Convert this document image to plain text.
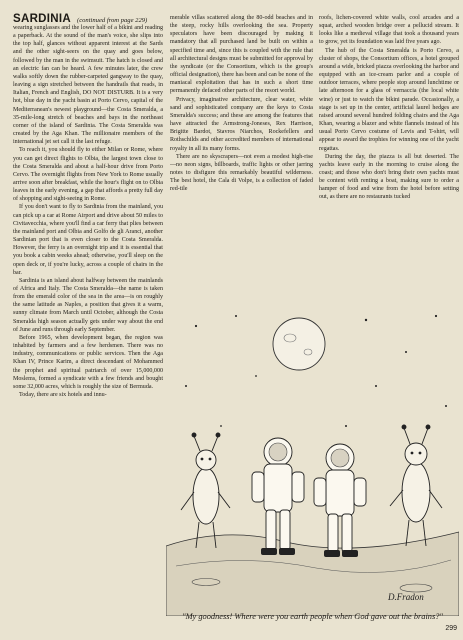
SARDINIA (continued from page 229)

wearing sunglasses and the lower half of a bikini and reading a paperback. At the sound of the man's voice, she slips into the top half, glances without apparent interest at the Sards and the other sight-seers on the quay and goes below, followed by the man in the swimsuit. The hatch is closed and an electric fan can be heard. A few minutes later, the crew walks softly down the rubber-carpeted gangway to the quay, leaving a sign stretched between the handrails that reads, in Italian, French and English, DO NOT DISTURB. It is a very hot, blue day in the yacht basin at Porto Cervo, capital of the Mediterranean's newest playground—the Costa Smeralda, a 35-mile-long stretch of beaches and bays in the northeast corner of the island of Sardinia. The Costa Smeralda was created by the Aga Khan. The millionaire members of the international jet set call it the last refuge.

To reach it, you should fly to either Milan or Rome, where you can get direct flights to Olbia, the largest town close to the Costa Smeralda and about a half-hour drive from Porto Cervo. The overnight flights from New York to Rome usually arrive soon after breakfast, while the hour's flight on to Olbia leaves in the early evening, a gap that affords a pretty full day of shopping and sight-seeing in Rome.

If you don't want to fly to Sardinia from the mainland, you can pick up a car at Rome Airport and drive about 50 miles to Civitavecchia, where you'll find a car ferry that plies between the mainland port and Olbia and Golfo de gli Aranci, another Sardinian port that is even closer to the Costa Smeralda. However, the ferry is an overnight trip and it is essential that you book a cabin weeks ahead; otherwise, you'll sleep on the open deck or, if you're lucky, across a couple of chairs in the bar.

Sardinia is an island about halfway between the mainlands of Africa and Italy. The Costa Smeralda—the name is taken from the emerald color of the sea in the area—is on roughly the same latitude as Naples, a position that gives it a warm, sunny climate from March until October, although the Costa Smeralda high season actually gets under way about the end of June and runs through early September.

Before 1965, when development began, the region was inhabited by farmers and a few herdsmen. There was no industry, communications or public services. Then the Aga Khan IV, Prince Karim, a direct descendant of Mohammed the prophet and spiritual patriarch of over 15,000,000 Moslems, formed a syndicate with a few friends and bought some 32,000 acres, which is roughly the size of Bermuda.

Today, there are six hotels and innu-

merable villas scattered along the 80-odd beaches and in the steep, rocky hills overlooking the sea. Property speculators have been discouraged by making it mandatory that all purchased land be built on within a specified time and, since this is coupled with the rule that all architectural designs must be submitted for approval by the syndicate (or the Consortium, which is the group's official designation), there has been and can be none of the maniacal exploitation that has in such a short time permanently defaced other parts of the resort world.

Privacy, imaginative architecture, clear water, white sand and sophisticated company are the keys to Costa Smeralda's success; and these are among the features that have attracted the Armstrong-Joneses, Rex Harrison, Brigitte Bardot, Stavros Niarchos, Rockefellers and Rothschilds and other accredited members of international royalty in all its many forms.

There are no skyscrapers—not even a modest high-rise—no neon signs, billboards, traffic lights or other jarring notes to disfigure this remarkably beautiful wilderness. The best hotel, the Cala di Volpe, is a collection of faded red-tile

roofs, lichen-covered white walls, cool arcades and a squat, arched wooden bridge over a pellucid stream. It looks like a medieval village that took a thousand years to grow, yet its foundation was laid five years ago.

The hub of the Costa Smeralda is Porto Cervo, a cluster of shops, the Consortium offices, a hotel grouped around a wide, bricked piazza overlooking the harbor and equipped with an ice-cream parlor and a couple of outdoor terraces, where people stop around lunchtime or late afternoon for a glass of vernaccia (the local white wine) or just to watch the bikini parade. Occasionally, a stage is set up in the center, artificial laurel hedges are raised around several hundred folding chairs and the Aga Khan, wearing a blazer and white flannels instead of his usual Porto Cervo costume of Levis and T-shirt, will appear to award the trophies for winning one of the yacht regattas.

During the day, the piazza is all but deserted. The yachts leave early in the morning to cruise along the coast; and those who don't bring their own yachts must be content with renting a boat, making sure to order a hamper of food and wine from the hotel before setting out, as there are no restaurants tucked

D.Fradon
"My goodness! Where were you earth people when God gave out the brains?"
299
